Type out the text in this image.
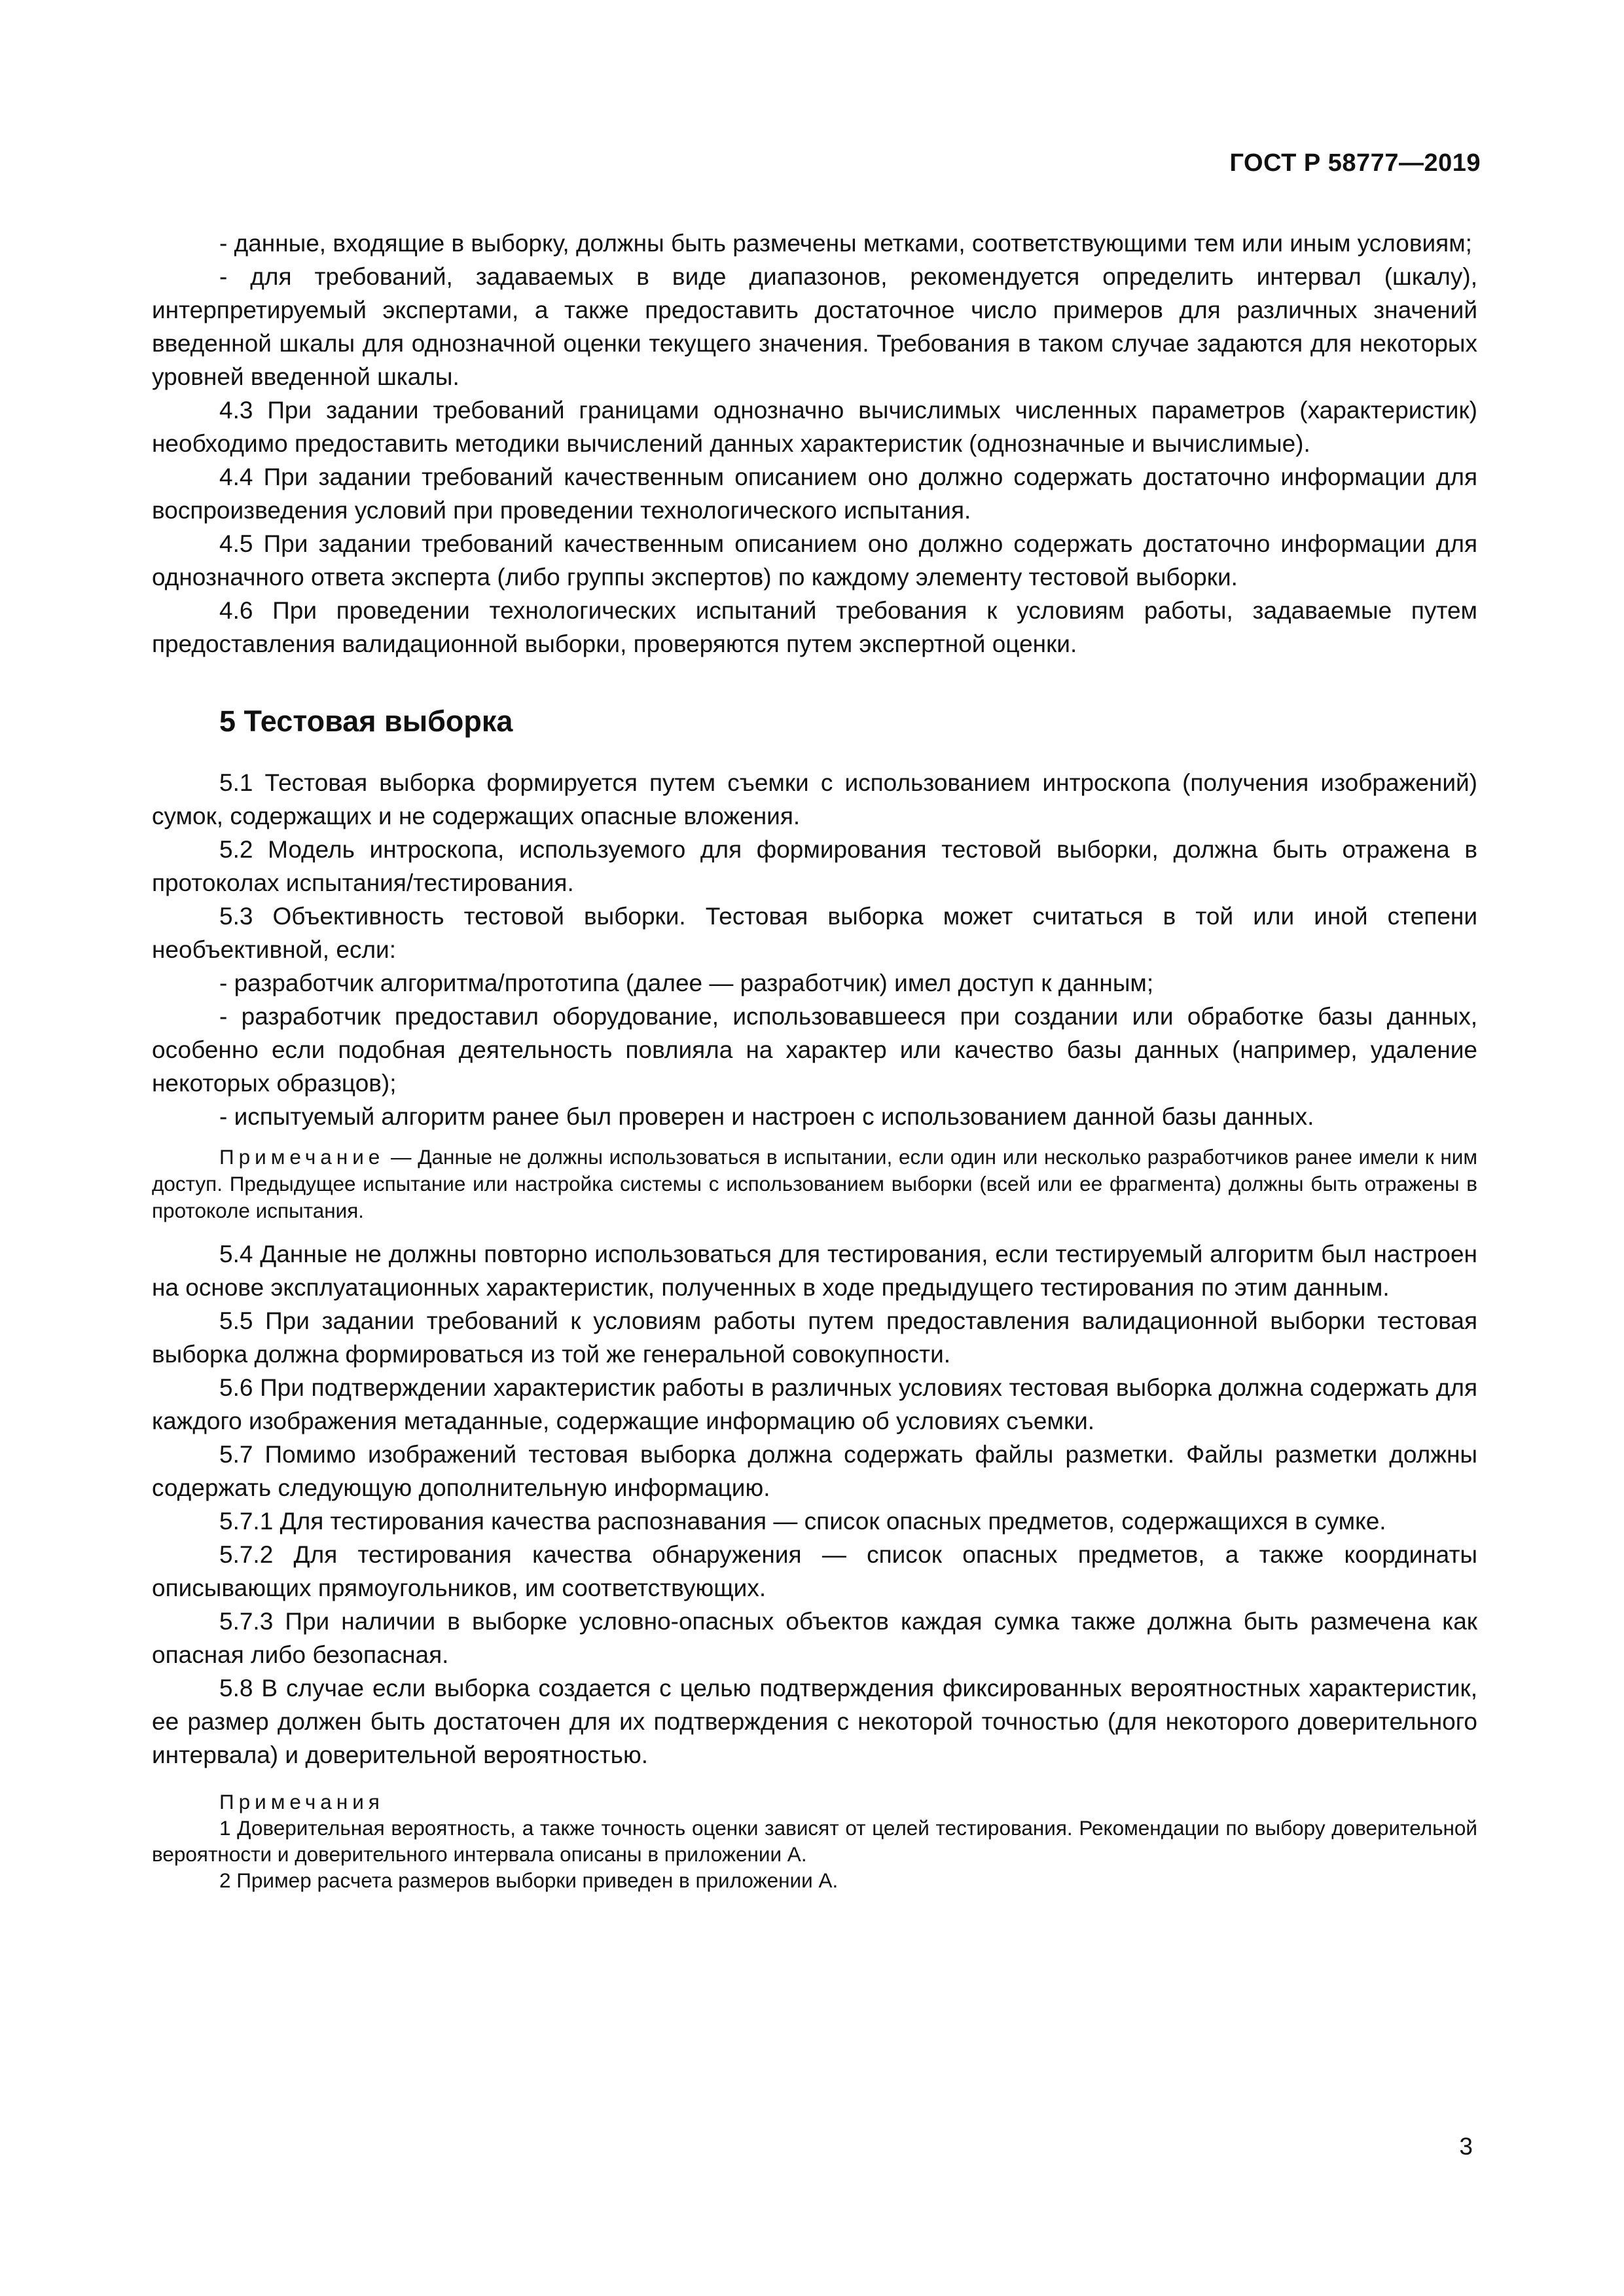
ГОСТ Р 58777—2019

- данные, входящие в выборку, должны быть размечены метками, соответствующими тем или иным условиям;

- для требований, задаваемых в виде диапазонов, рекомендуется определить интервал (шкалу), интерпретируемый экспертами, а также предоставить достаточное число примеров для различных значений введенной шкалы для однозначной оценки текущего значения. Требования в таком случае задаются для некоторых уровней введенной шкалы.

4.3 При задании требований границами однозначно вычислимых численных параметров (характеристик) необходимо предоставить методики вычислений данных характеристик (однозначные и вычислимые).

4.4 При задании требований качественным описанием оно должно содержать достаточно информации для воспроизведения условий при проведении технологического испытания.

4.5 При задании требований качественным описанием оно должно содержать достаточно информации для однозначного ответа эксперта (либо группы экспертов) по каждому элементу тестовой выборки.

4.6 При проведении технологических испытаний требования к условиям работы, задаваемые путем предоставления валидационной выборки, проверяются путем экспертной оценки.

5 Тестовая выборка

5.1 Тестовая выборка формируется путем съемки с использованием интроскопа (получения изображений) сумок, содержащих и не содержащих опасные вложения.

5.2 Модель интроскопа, используемого для формирования тестовой выборки, должна быть отражена в протоколах испытания/тестирования.

5.3 Объективность тестовой выборки. Тестовая выборка может считаться в той или иной степени необъективной, если:

- разработчик алгоритма/прототипа (далее — разработчик) имел доступ к данным;

- разработчик предоставил оборудование, использовавшееся при создании или обработке базы данных, особенно если подобная деятельность повлияла на характер или качество базы данных (например, удаление некоторых образцов);

- испытуемый алгоритм ранее был проверен и настроен с использованием данной базы данных.

Примечание — Данные не должны использоваться в испытании, если один или несколько разработчиков ранее имели к ним доступ. Предыдущее испытание или настройка системы с использованием выборки (всей или ее фрагмента) должны быть отражены в протоколе испытания.

5.4 Данные не должны повторно использоваться для тестирования, если тестируемый алгоритм был настроен на основе эксплуатационных характеристик, полученных в ходе предыдущего тестирования по этим данным.

5.5 При задании требований к условиям работы путем предоставления валидационной выборки тестовая выборка должна формироваться из той же генеральной совокупности.

5.6 При подтверждении характеристик работы в различных условиях тестовая выборка должна содержать для каждого изображения метаданные, содержащие информацию об условиях съемки.

5.7 Помимо изображений тестовая выборка должна содержать файлы разметки. Файлы разметки должны содержать следующую дополнительную информацию.

5.7.1 Для тестирования качества распознавания — список опасных предметов, содержащихся в сумке.

5.7.2 Для тестирования качества обнаружения — список опасных предметов, а также координаты описывающих прямоугольников, им соответствующих.

5.7.3 При наличии в выборке условно-опасных объектов каждая сумка также должна быть размечена как опасная либо безопасная.

5.8 В случае если выборка создается с целью подтверждения фиксированных вероятностных характеристик, ее размер должен быть достаточен для их подтверждения с некоторой точностью (для некоторого доверительного интервала) и доверительной вероятностью.

Примечания
1 Доверительная вероятность, а также точность оценки зависят от целей тестирования. Рекомендации по выбору доверительной вероятности и доверительного интервала описаны в приложении А.
2 Пример расчета размеров выборки приведен в приложении А.
3
